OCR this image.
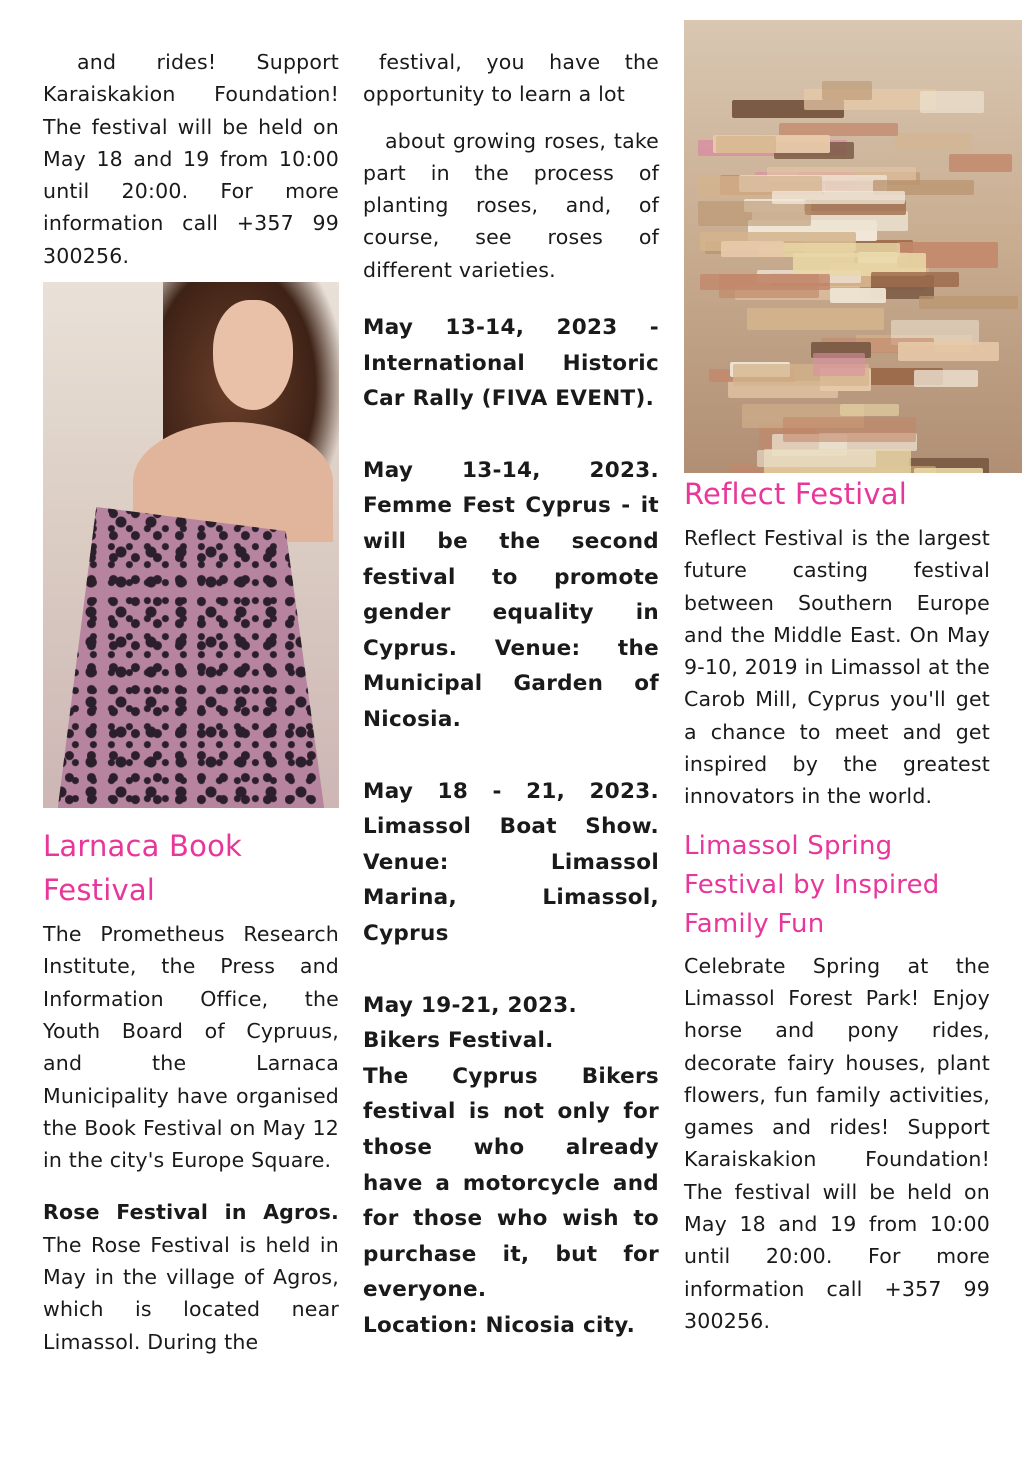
and rides! Support Karaiskakion Foundation! The festival will be held on May 18 and 19 from 10:00 until 20:00. For more information call +357 99 300256.

Larnaca Book Festival

The Prometheus Research Institute, the Press and Information Office, the Youth Board of Cypruus, and the Larnaca Municipality have organised the Book Festival on May 12 in the city's Europe Square.

Rose Festival in Agros. The Rose Festival is held in May in the village of Agros, which is located near Limassol. During the

festival, you have the opportunity to learn a lot

about growing roses, take part in the process of planting roses, and, of course, see roses of different varieties.

May 13-14, 2023 - International Historic Car Rally (FIVA EVENT).

May 13-14, 2023. Femme Fest Cyprus - it will be the second festival to promote gender equality in Cyprus. Venue: the Municipal Garden of Nicosia.

May 18 - 21, 2023. Limassol Boat Show. Venue: Limassol Marina, Limassol, Cyprus

May 19-21, 2023.

Bikers Festival.

The Cyprus Bikers festival is not only for those who already have a motorcycle and for those who wish to purchase it, but for everyone.

Location: Nicosia city.

Reflect Festival

Reflect Festival is the largest future casting festival between Southern Europe and the Middle East. On May 9-10, 2019 in Limassol at the Carob Mill, Cyprus you'll get a chance to meet and get inspired by the greatest innovators in the world.

Limassol Spring Festival by Inspired Family Fun

Celebrate Spring at the Limassol Forest Park! Enjoy horse and pony rides, decorate fairy houses, plant flowers, fun family activities, games and rides! Support Karaiskakion Foundation! The festival will be held on May 18 and 19 from 10:00 until 20:00. For more information call +357 99 300256.
